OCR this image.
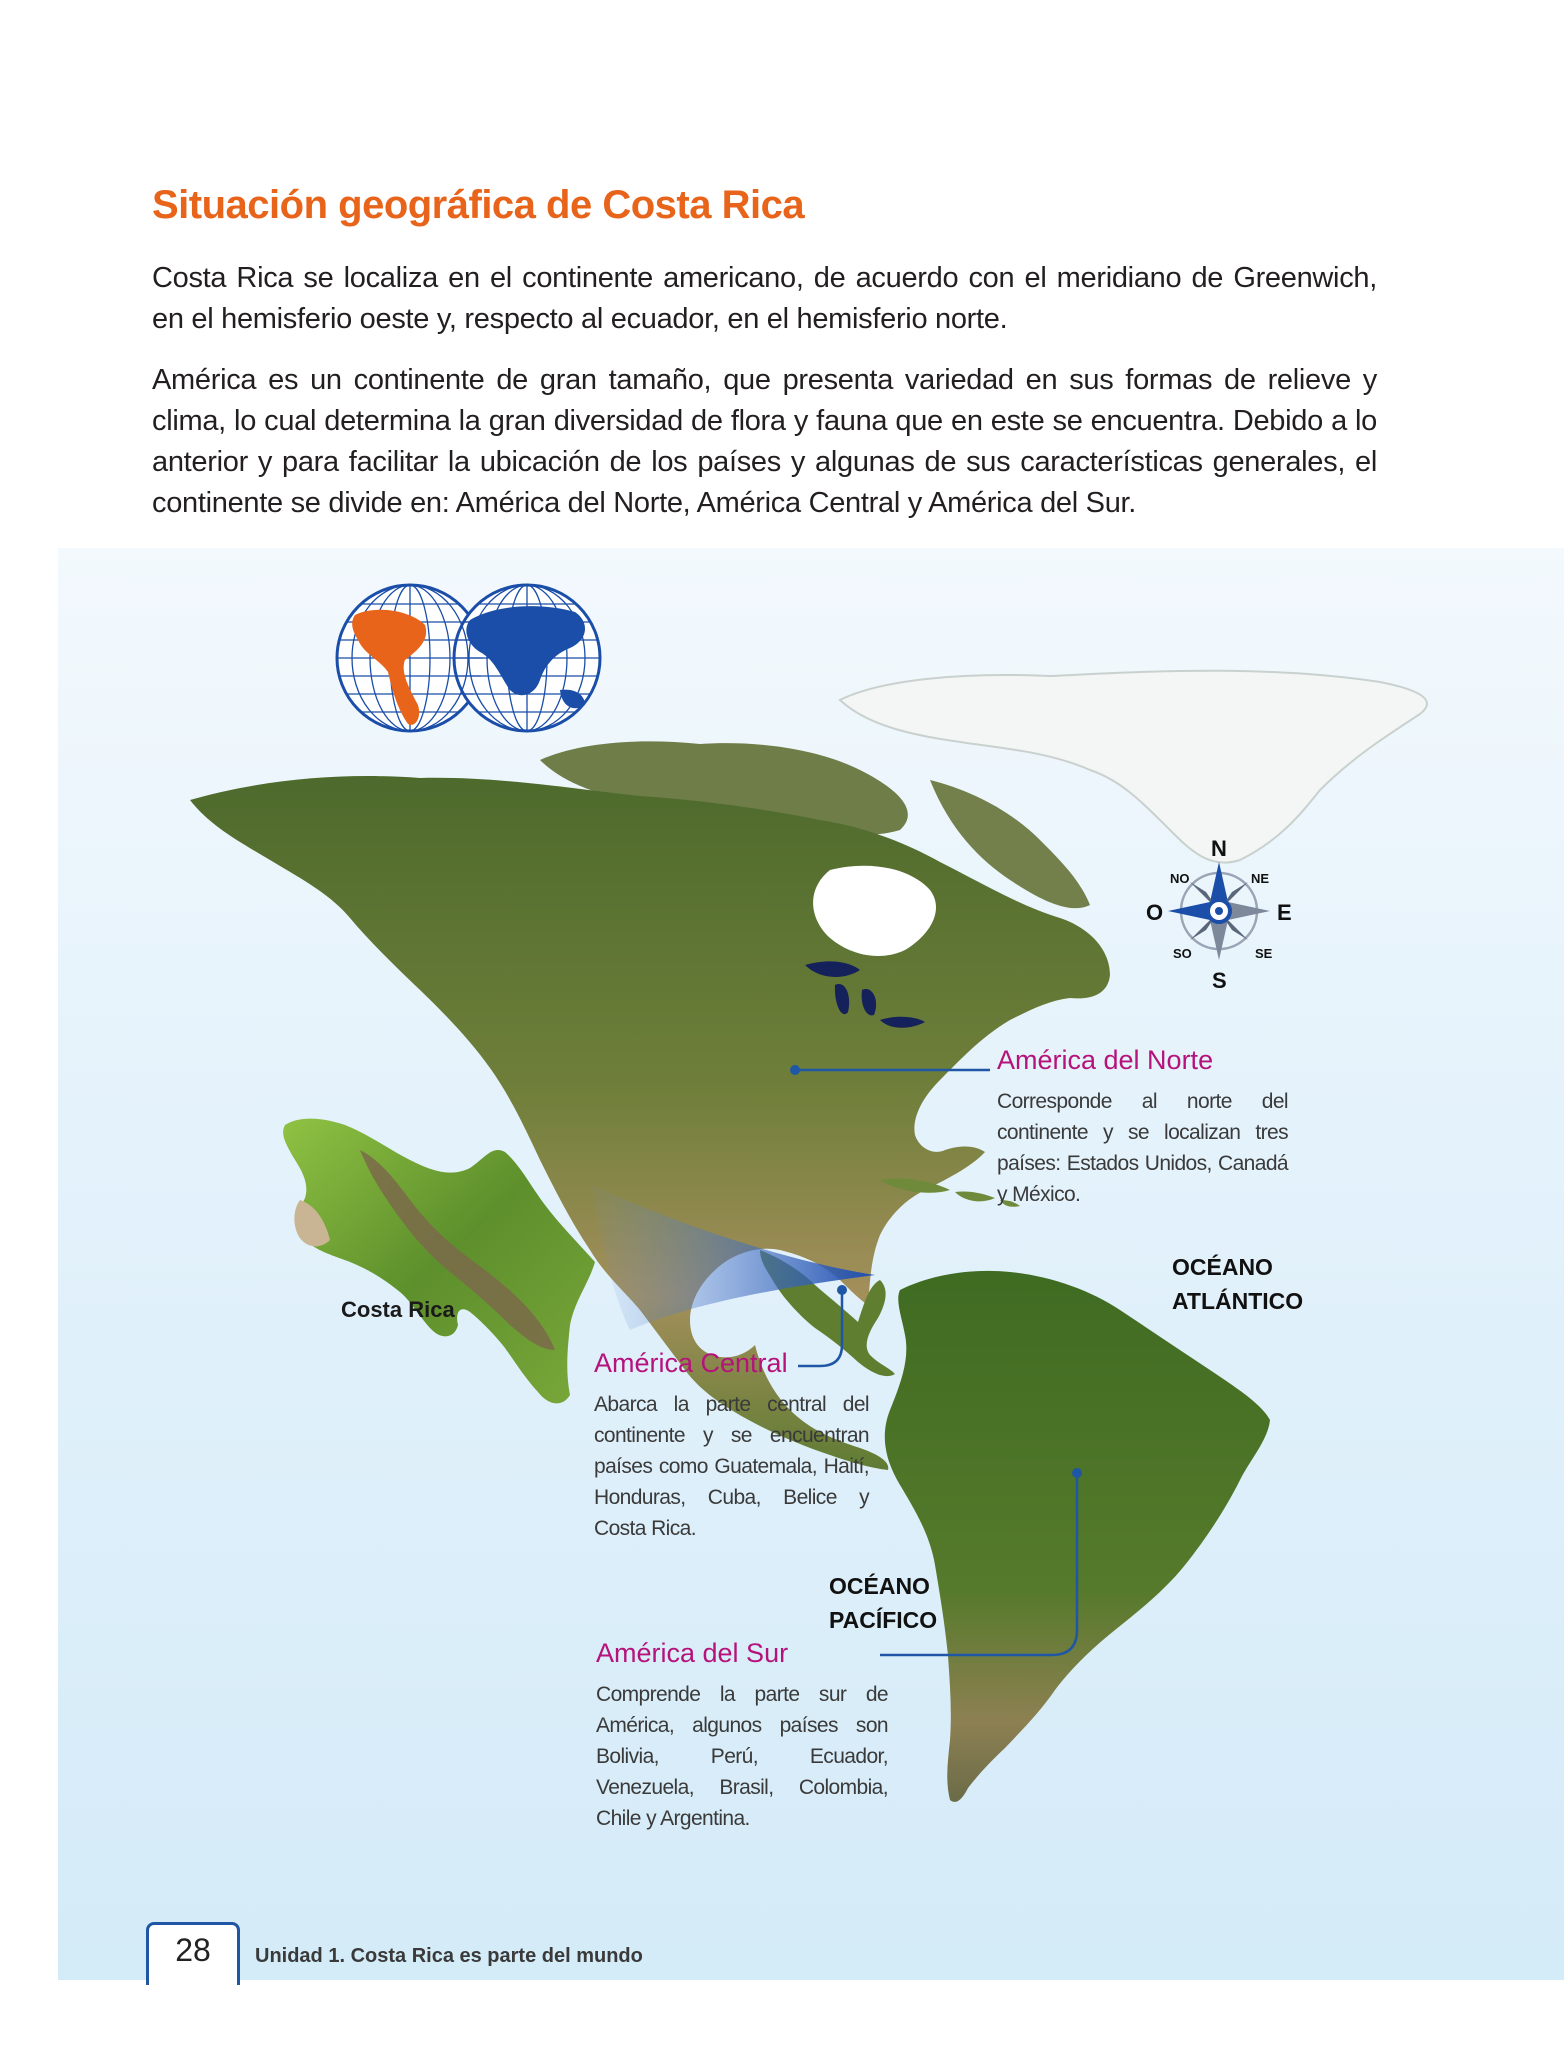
Situación geográfica de Costa Rica

Costa Rica se localiza en el continente americano, de acuerdo con el meridiano de Greenwich, en el hemisferio oeste y, respecto al ecuador, en el hemisferio norte.

América es un continente de gran tamaño, que presenta variedad en sus formas de relieve y clima, lo cual determina la gran diversidad de flora y fauna que en este se encuentra. Debido a lo anterior y para facilitar la ubicación de los países y algunas de sus características generales, el continente se divide en: América del Norte, América Central y América del Sur.

N
S
E
O
NO	NE
SO	SE
Costa Rica
América del Norte

Corresponde al norte del continente y se localizan tres países: Estados Unidos, Canadá y México.

América Central

Abarca la parte central del continente y se encuentran países como Guatemala, Haití, Honduras, Cuba, Belice y Costa Rica.

América del Sur

Comprende la parte sur de América, algunos países son Bolivia, Perú, Ecuador, Venezuela, Brasil, Colombia, Chile y Argentina.

OCÉANO
ATLÁNTICO
OCÉANO
PACÍFICO
28	Unidad 1. Costa Rica es parte del mundo
